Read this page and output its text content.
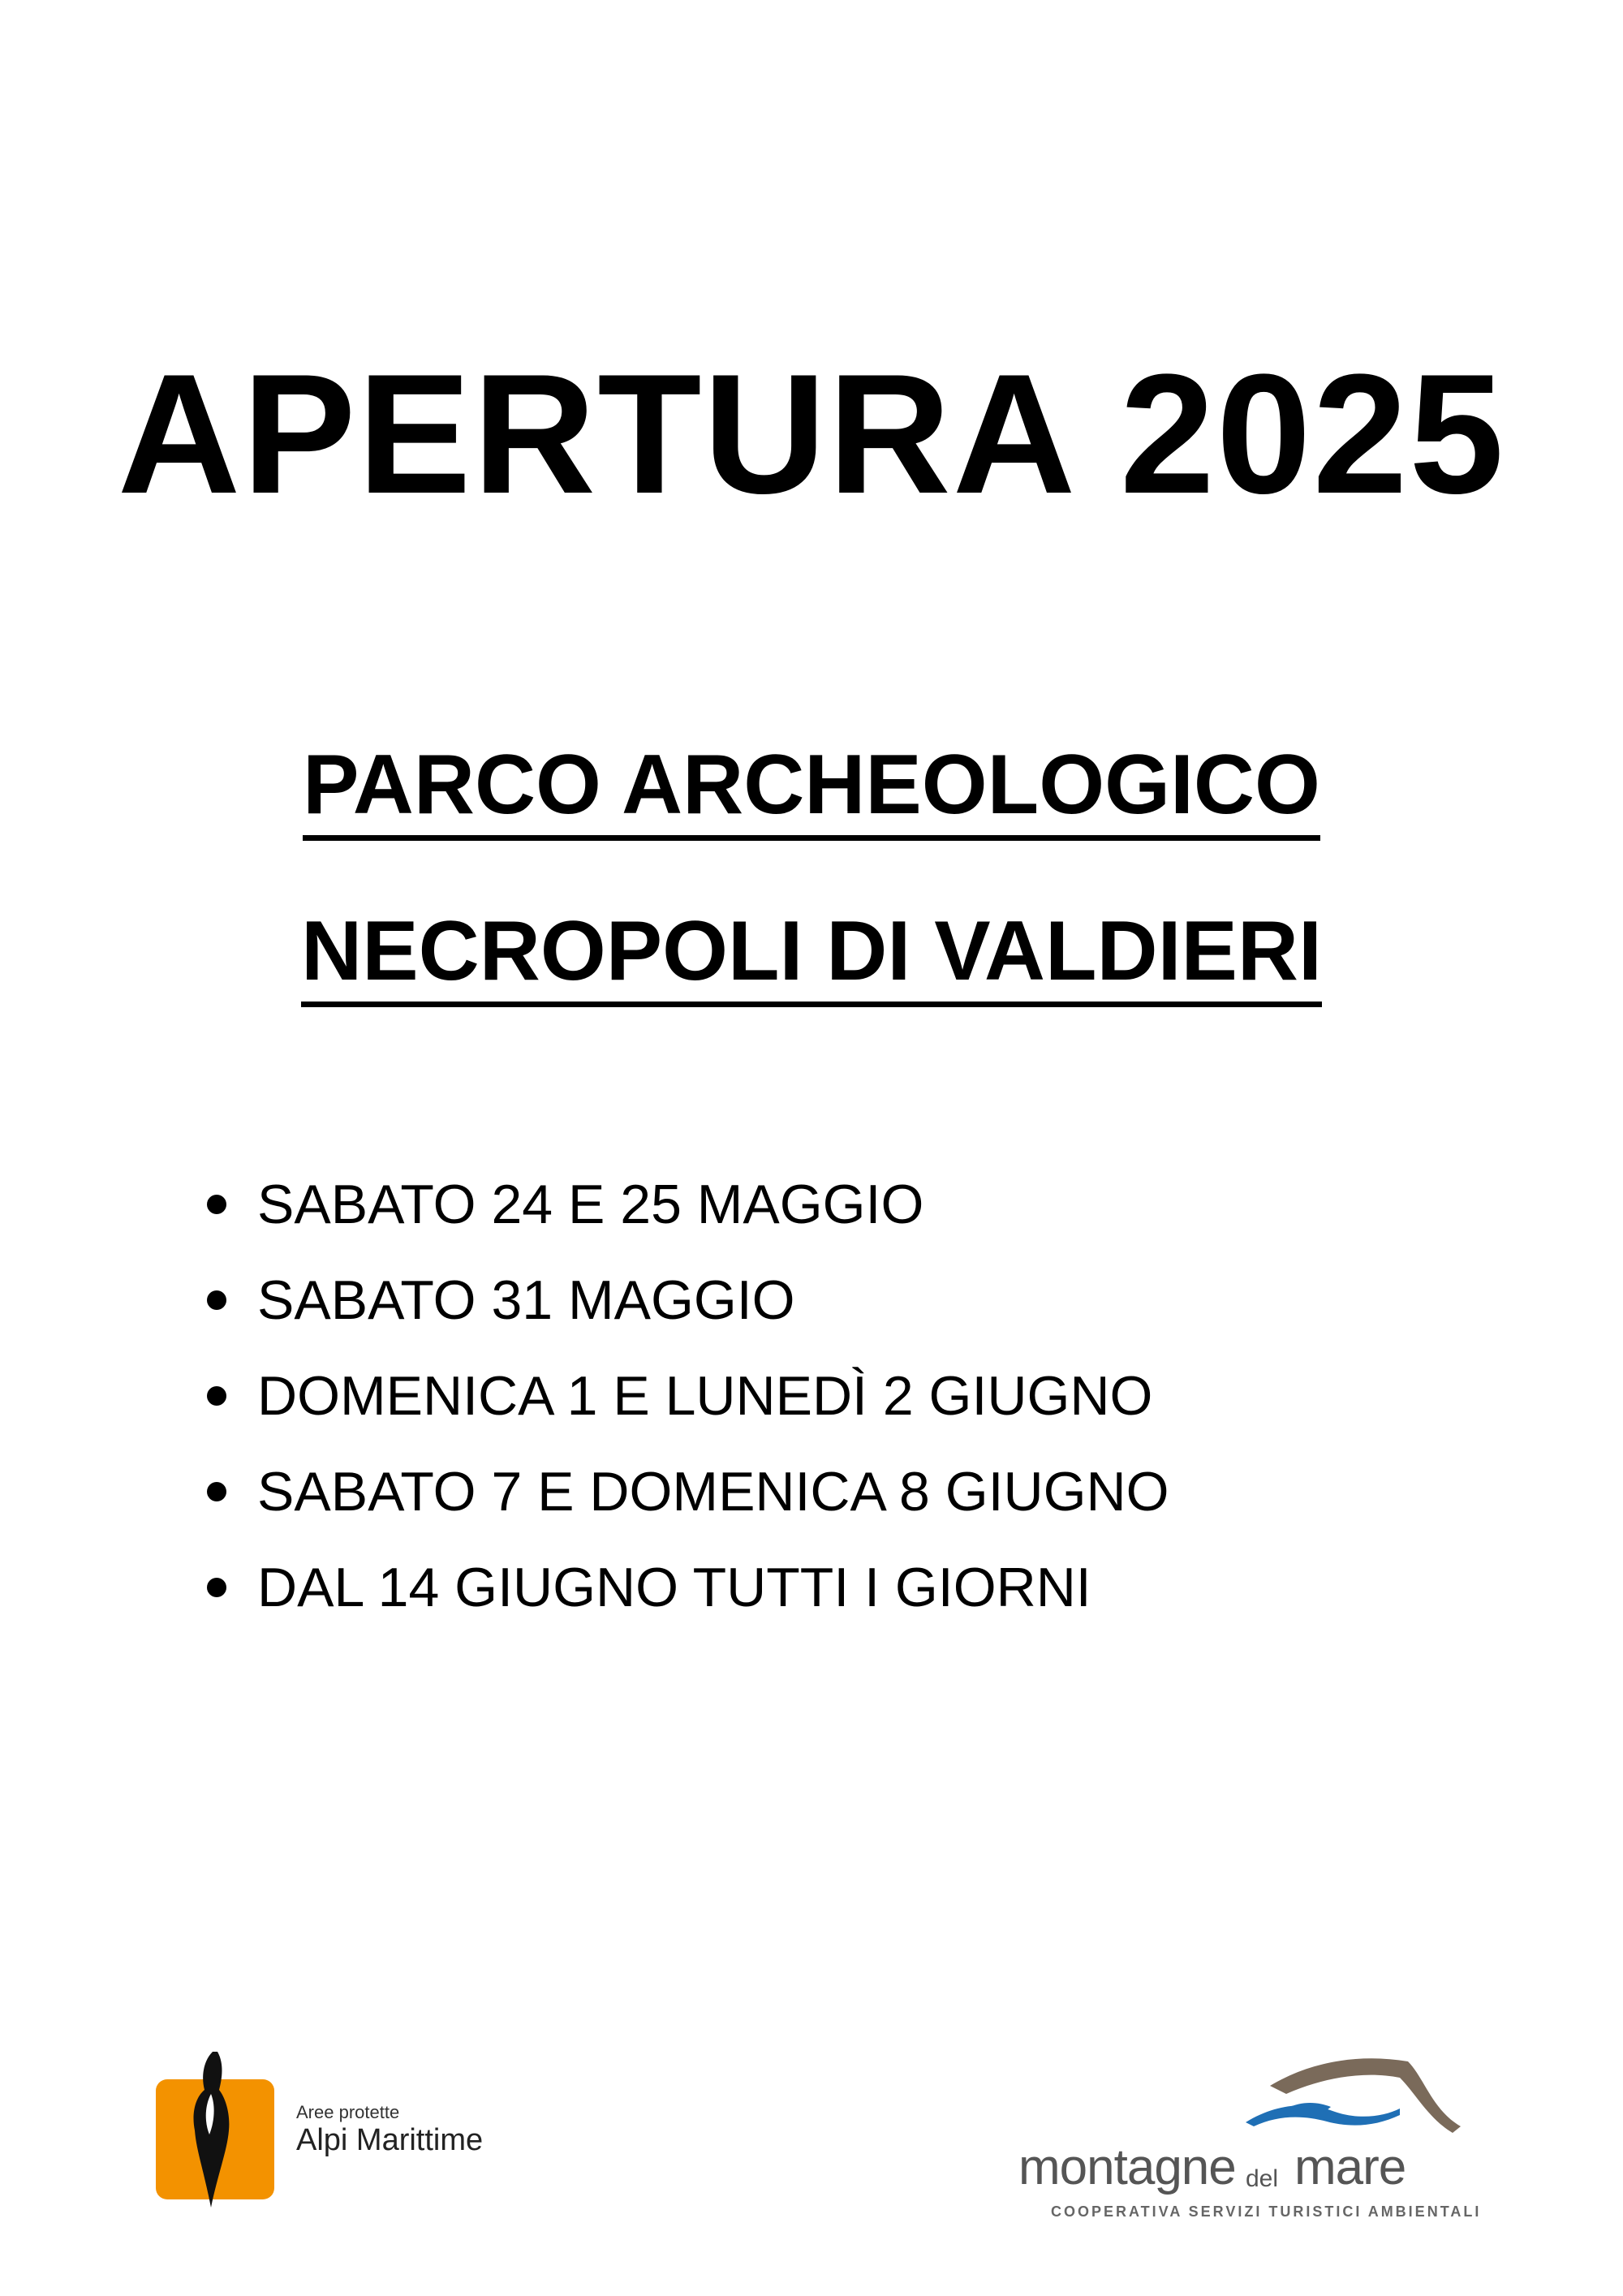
APERTURA 2025
PARCO ARCHEOLOGICO
NECROPOLI DI VALDIERI
SABATO 24 E 25 MAGGIO
SABATO 31 MAGGIO
DOMENICA 1 E LUNEDÌ 2 GIUGNO
SABATO 7 E DOMENICA 8 GIUGNO
DAL 14 GIUGNO TUTTI I GIORNI
Aree protette
Alpi Marittime	montagne del mare
COOPERATIVA SERVIZI TURISTICI AMBIENTALI
